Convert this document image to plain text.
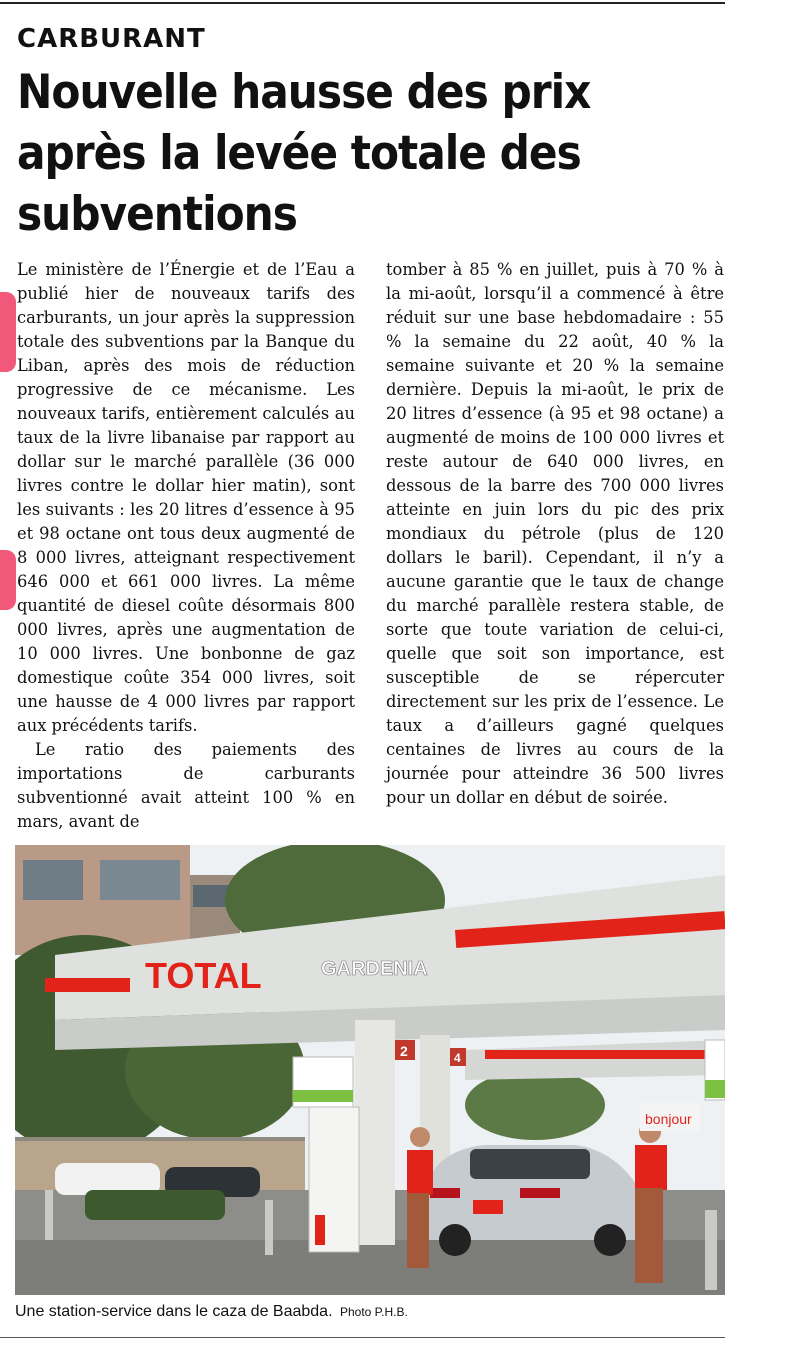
CARBURANT
Nouvelle hausse des prix après la levée totale des subventions

Le ministère de l’Énergie et de l’Eau a publié hier de nouveaux tarifs des carburants, un jour après la suppression totale des subventions par la Banque du Liban, après des mois de réduction progressive de ce mécanisme. Les nouveaux tarifs, entièrement calculés au taux de la livre libanaise par rapport au dollar sur le marché parallèle (36 000 livres contre le dollar hier matin), sont les suivants : les 20 litres d’essence à 95 et 98 octane ont tous deux augmenté de 8 000 livres, atteignant respectivement 646 000 et 661 000 livres. La même quantité de diesel coûte désormais 800 000 livres, après une augmentation de 10 000 livres. Une bonbonne de gaz domestique coûte 354 000 livres, soit une hausse de 4 000 livres par rapport aux précédents tarifs.

Le ratio des paiements des importations de carburants subventionné avait atteint 100 % en mars, avant de

tomber à 85 % en juillet, puis à 70 % à la mi-août, lorsqu’il a commencé à être réduit sur une base hebdomadaire : 55 % la semaine du 22 août, 40 % la semaine suivante et 20 % la semaine dernière. Depuis la mi-août, le prix de 20 litres d’essence (à 95 et 98 octane) a augmenté de moins de 100 000 livres et reste autour de 640 000 livres, en dessous de la barre des 700 000 livres atteinte en juin lors du pic des prix mondiaux du pétrole (plus de 120 dollars le baril). Cependant, il n’y a aucune garantie que le taux de change du marché parallèle restera stable, de sorte que toute variation de celui-ci, quelle que soit son importance, est susceptible de se répercuter directement sur les prix de l’essence. Le taux a d’ailleurs gagné quelques centaines de livres au cours de la journée pour atteindre 36 500 livres pour un dollar en début de soirée.

TOTAL	GARDENIA
2	4
bonjour
Une station-service dans le caza de Baabda. Photo P.H.B.
